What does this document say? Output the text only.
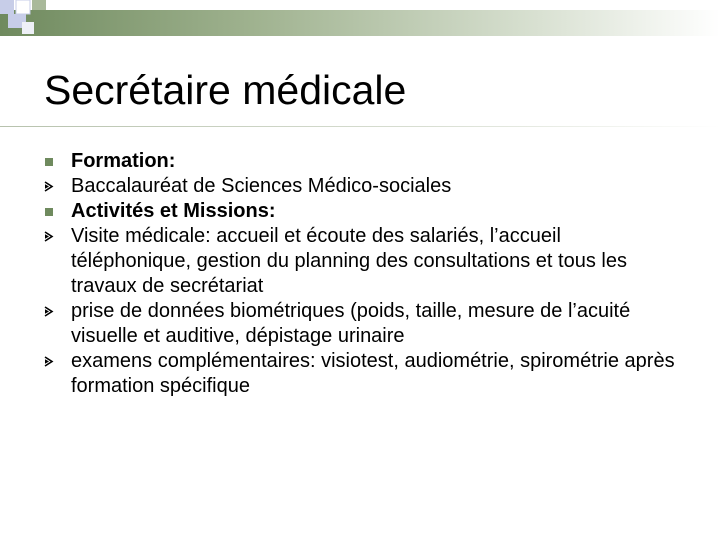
Secrétaire médicale
Formation:
Baccalauréat de Sciences Médico-sociales
Activités et Missions:
Visite médicale: accueil et écoute des salariés, l’accueil téléphonique, gestion du planning des consultations et tous les travaux de secrétariat
prise de données biométriques (poids, taille, mesure de l’acuité visuelle et auditive, dépistage urinaire
examens complémentaires: visiotest, audiométrie, spirométrie après formation spécifique
